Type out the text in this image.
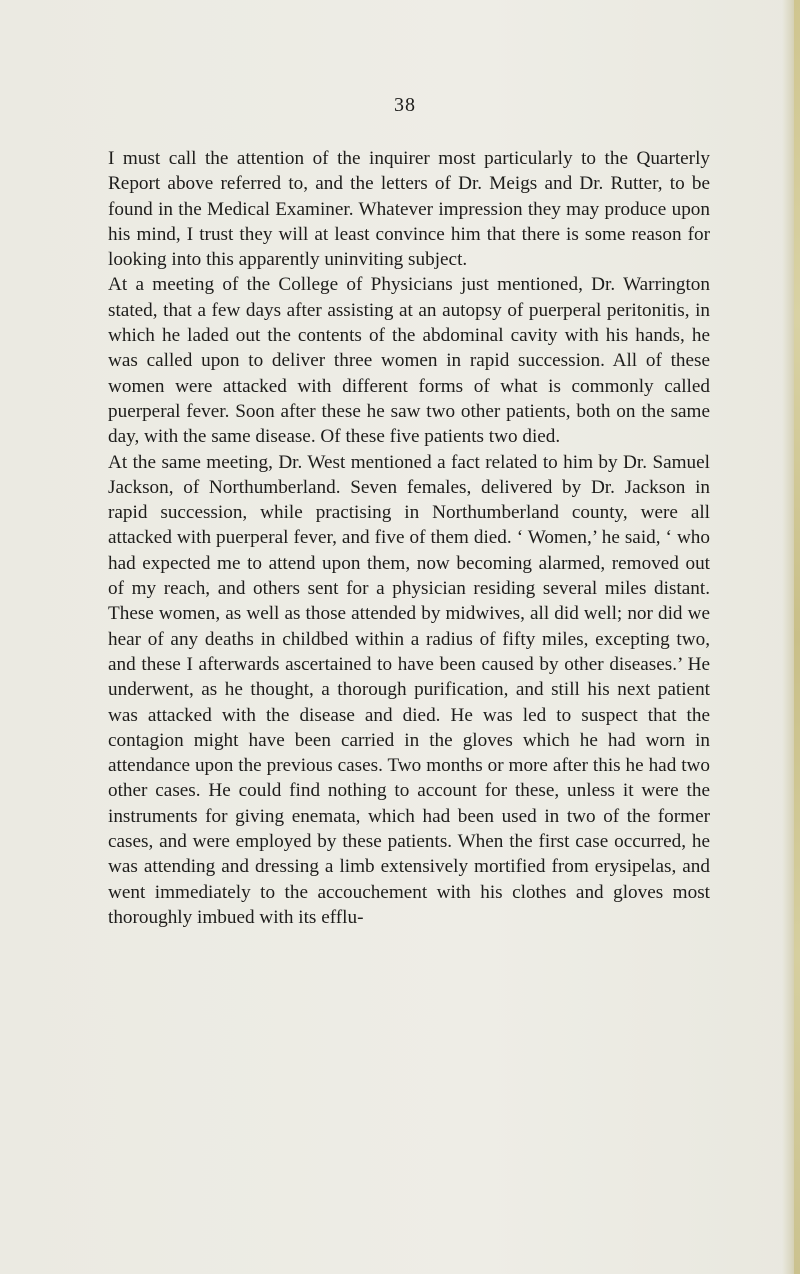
38

I must call the attention of the inquirer most particularly to the Quarterly Report above referred to, and the letters of Dr. Meigs and Dr. Rutter, to be found in the Medical Examiner. Whatever impression they may produce upon his mind, I trust they will at least convince him that there is some reason for looking into this apparently uninviting subject.

At a meeting of the College of Physicians just mentioned, Dr. Warrington stated, that a few days after assisting at an autopsy of puerperal peritonitis, in which he laded out the contents of the abdominal cavity with his hands, he was called upon to deliver three women in rapid succession. All of these women were attacked with different forms of what is commonly called puerperal fever. Soon after these he saw two other patients, both on the same day, with the same disease. Of these five patients two died.

At the same meeting, Dr. West mentioned a fact related to him by Dr. Samuel Jackson, of Northumberland. Seven females, delivered by Dr. Jackson in rapid succession, while practising in Northumberland county, were all attacked with puerperal fever, and five of them died. ‘ Women,’ he said, ‘ who had expected me to attend upon them, now becoming alarmed, removed out of my reach, and others sent for a physician residing several miles distant. These women, as well as those attended by midwives, all did well; nor did we hear of any deaths in childbed within a radius of fifty miles, excepting two, and these I afterwards ascertained to have been caused by other diseases.’ He underwent, as he thought, a thorough purification, and still his next patient was attacked with the disease and died. He was led to suspect that the contagion might have been carried in the gloves which he had worn in attendance upon the previous cases. Two months or more after this he had two other cases. He could find nothing to account for these, unless it were the instruments for giving enemata, which had been used in two of the former cases, and were employed by these patients. When the first case occurred, he was attending and dressing a limb extensively mortified from erysipelas, and went immediately to the accouchement with his clothes and gloves most thoroughly imbued with its efflu-
